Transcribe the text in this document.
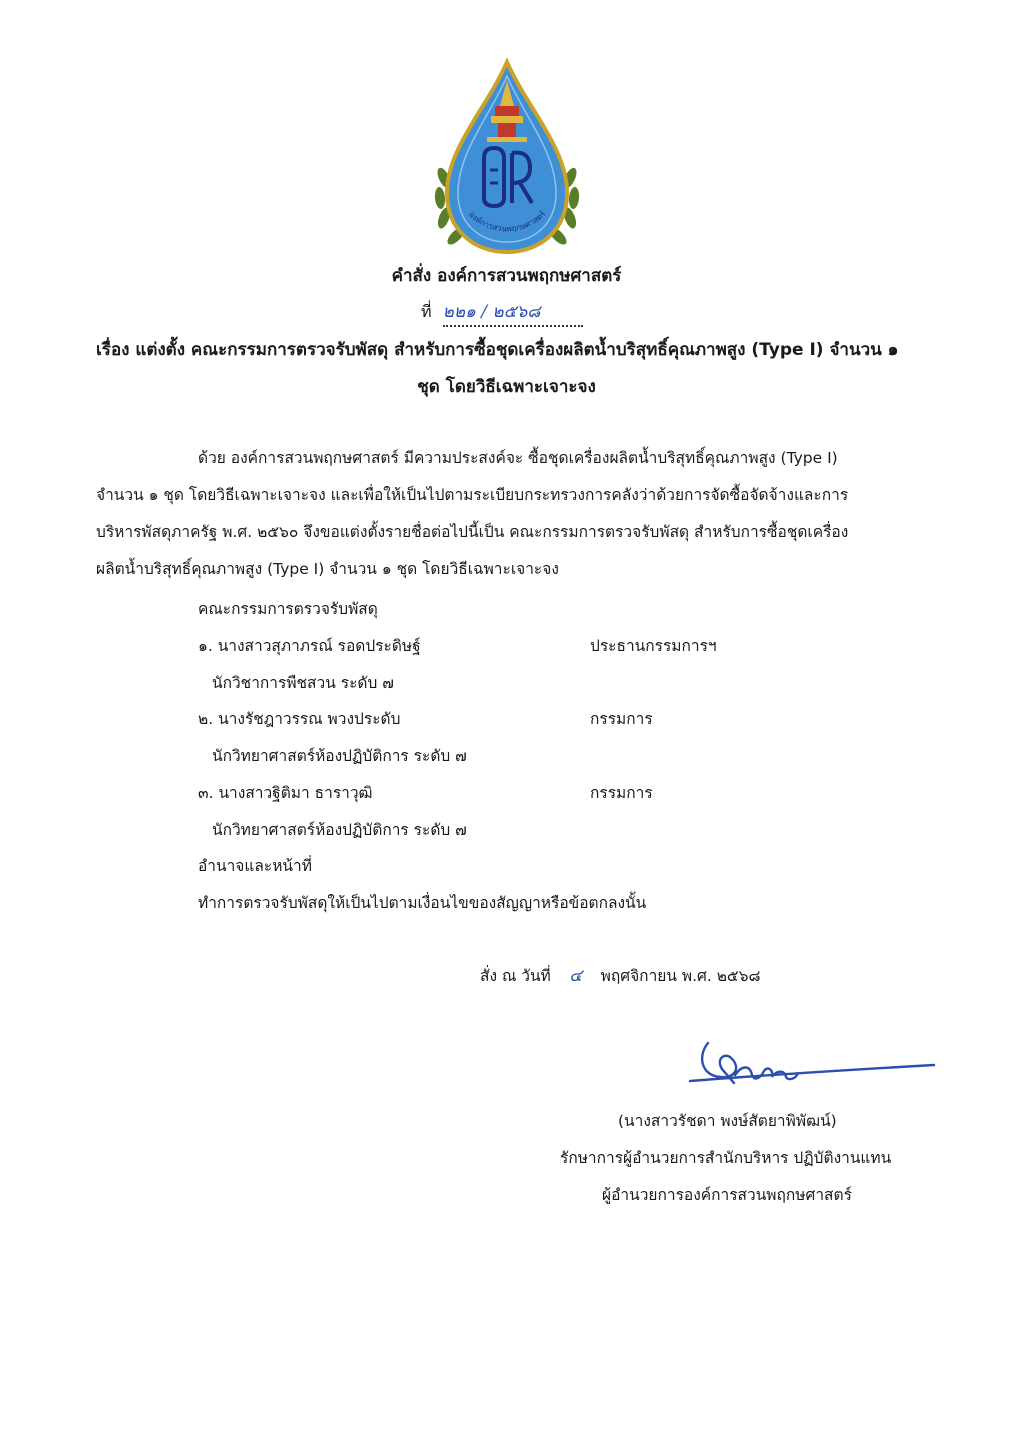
องค์การสวนพฤกษศาสตร์
คำสั่ง องค์การสวนพฤกษศาสตร์
ที่ ๒๒๑ / ๒๕๖๘
เรื่อง แต่งตั้ง คณะกรรมการตรวจรับพัสดุ สำหรับการซื้อชุดเครื่องผลิตน้ำบริสุทธิ์คุณภาพสูง (Type I) จำนวน ๑
ชุด โดยวิธีเฉพาะเจาะจง
ด้วย องค์การสวนพฤกษศาสตร์ มีความประสงค์จะ ซื้อชุดเครื่องผลิตน้ำบริสุทธิ์คุณภาพสูง (Type I)
จำนวน ๑ ชุด โดยวิธีเฉพาะเจาะจง และเพื่อให้เป็นไปตามระเบียบกระทรวงการคลังว่าด้วยการจัดซื้อจัดจ้างและการ
บริหารพัสดุภาครัฐ พ.ศ. ๒๕๖๐ จึงขอแต่งตั้งรายชื่อต่อไปนี้เป็น คณะกรรมการตรวจรับพัสดุ สำหรับการซื้อชุดเครื่อง
ผลิตน้ำบริสุทธิ์คุณภาพสูง (Type I) จำนวน ๑ ชุด โดยวิธีเฉพาะเจาะจง
คณะกรรมการตรวจรับพัสดุ
๑. นางสาวสุภาภรณ์ รอดประดิษฐ์	ประธานกรรมการฯ
นักวิชาการพืชสวน ระดับ ๗
๒. นางรัชฎาวรรณ พวงประดับ	กรรมการ
นักวิทยาศาสตร์ห้องปฏิบัติการ ระดับ ๗
๓. นางสาวฐิติมา ธาราวุฒิ	กรรมการ
นักวิทยาศาสตร์ห้องปฏิบัติการ ระดับ ๗
อำนาจและหน้าที่
ทำการตรวจรับพัสดุให้เป็นไปตามเงื่อนไขของสัญญาหรือข้อตกลงนั้น
สั่ง ณ วันที่ ๔ พฤศจิกายน พ.ศ. ๒๕๖๘
(นางสาวรัชดา พงษ์สัตยาพิพัฒน์)
รักษาการผู้อำนวยการสำนักบริหาร ปฏิบัติงานแทน
ผู้อำนวยการองค์การสวนพฤกษศาสตร์
